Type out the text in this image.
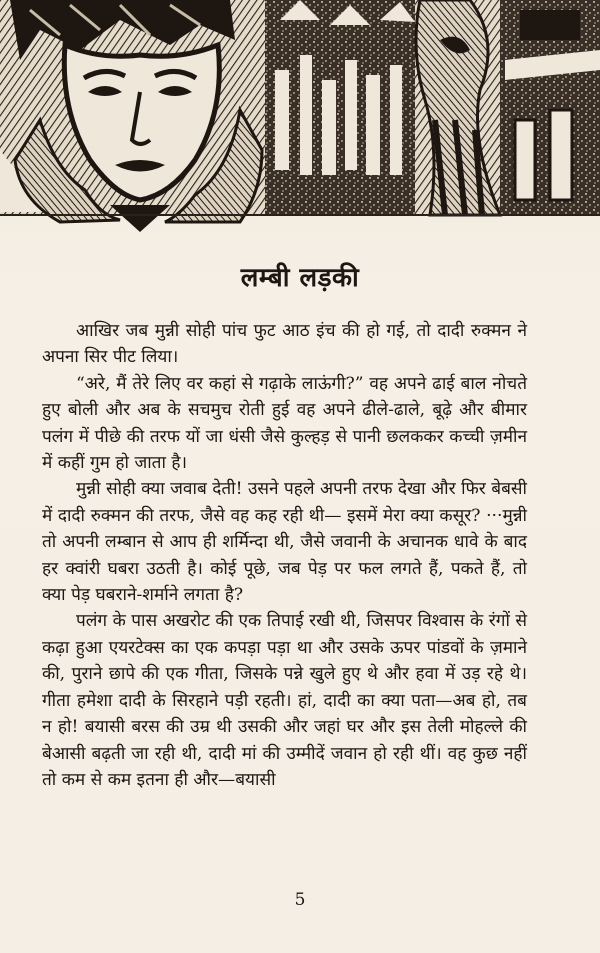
लम्बी लड़की

आखिर जब मुन्नी सोही पांच फुट आठ इंच की हो गई, तो दादी रुक्मन ने अपना सिर पीट लिया।

“अरे, मैं तेरे लिए वर कहां से गढ़ाके लाऊंगी?” वह अपने ढाई बाल नोचते हुए बोली और अब के सचमुच रोती हुई वह अपने ढीले-ढाले, बूढ़े और बीमार पलंग में पीछे की तरफ यों जा धंसी जैसे कुल्हड़ से पानी छलककर कच्ची ज़मीन में कहीं गुम हो जाता है।

मुन्नी सोही क्या जवाब देती! उसने पहले अपनी तरफ देखा और फिर बेबसी में दादी रुक्मन की तरफ, जैसे वह कह रही थी— इसमें मेरा क्या कसूर? ···मुन्नी तो अपनी लम्बान से आप ही शर्मिन्दा थी, जैसे जवानी के अचानक धावे के बाद हर क्वांरी घबरा उठती है। कोई पूछे, जब पेड़ पर फल लगते हैं, पकते हैं, तो क्या पेड़ घबराने-शर्माने लगता है?

पलंग के पास अखरोट की एक तिपाई रखी थी, जिसपर विश्वास के रंगों से कढ़ा हुआ एयरटेक्स का एक कपड़ा पड़ा था और उसके ऊपर पांडवों के ज़माने की, पुराने छापे की एक गीता, जिसके पन्ने खुले हुए थे और हवा में उड़ रहे थे। गीता हमेशा दादी के सिरहाने पड़ी रहती। हां, दादी का क्या पता—अब हो, तब न हो! बयासी बरस की उम्र थी उसकी और जहां घर और इस तेली मोहल्ले की बेआसी बढ़ती जा रही थी, दादी मां की उम्मीदें जवान हो रही थीं। वह कुछ नहीं तो कम से कम इतना ही और—बयासी

5
